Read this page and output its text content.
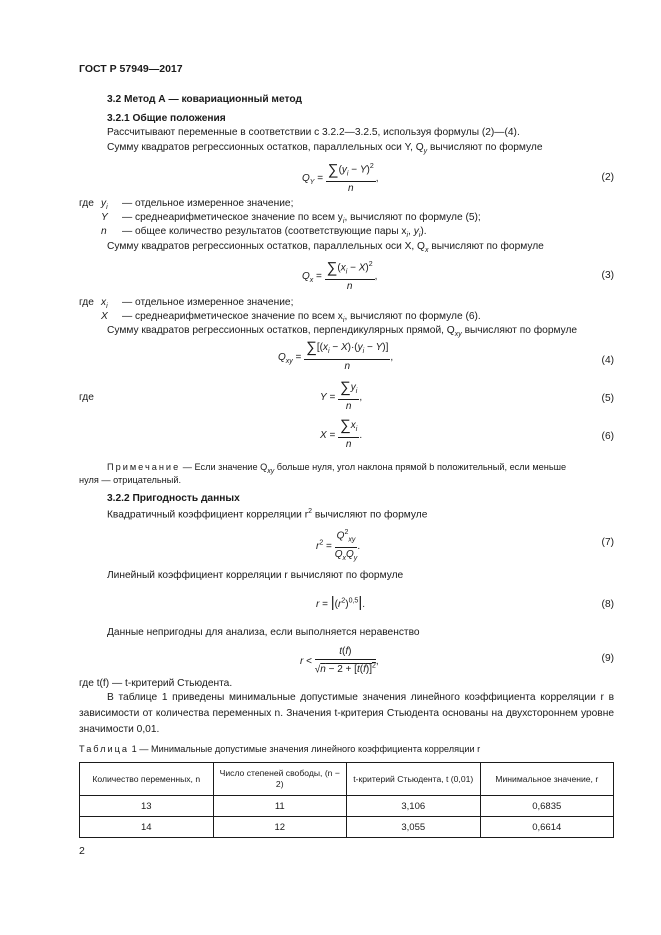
ГОСТ Р 57949—2017
3.2 Метод А — ковариационный метод
3.2.1 Общие положения
Рассчитывают переменные в соответствии с 3.2.2—3.2.5, используя формулы (2)—(4).
Сумму квадратов регрессионных остатков, параллельных оси Y, $Q_y$ вычисляют по формуле
$Q_Y = \frac{\sum(y_i - Y)^2}{n}$ ,	(2)
где $y_i$ — отдельное измеренное значение;
Y — среднеарифметическое значение по всем $y_i$, вычисляют по формуле (5);
n — общее количество результатов (соответствующие пары $x_i$, $y_i$).
Сумму квадратов регрессионных остатков, параллельных оси X, $Q_x$ вычисляют по формуле
$Q_x = \frac{\sum(x_i - X)^2}{n}$ ,	(3)
где $x_i$ — отдельное измеренное значение;
X — среднеарифметическое значение по всем $x_i$, вычисляют по формуле (6).
Сумму квадратов регрессионных остатков, перпендикулярных прямой, $Q_{xy}$ вычисляют по формуле
$Q_{xy} = \frac{\sum[(x_i - X)\cdot(y_i - Y)]}{n}$ ,	(4)
где	$Y = \frac{\sum y_i}{n}$ ,	(5)
$X = \frac{\sum x_i}{n}$ .	(6)
Примечание — Если значение $Q_{xy}$ больше нуля, угол наклона прямой b положительный, если меньше
нуля — отрицательный.
3.2.2 Пригодность данных
Квадратичный коэффициент корреляции $r^2$ вычисляют по формуле
$r^2 = \frac{Q^2_{xy}}{Q_xQ_y}$ .	(7)
Линейный коэффициент корреляции r вычисляют по формуле
$r = |(r^2)^{0,5}|$.	(8)
Данные непригодны для анализа, если выполняется неравенство
$r < \frac{t(f)}{√n - 2 + [t(f)]^2}$ ,	(9)
где t(f) — t-критерий Стьюдента.
В таблице 1 приведены минимальные допустимые значения линейного коэффициента корреляции r в зависимости от количества переменных n. Значения t-критерия Стьюдента основаны на двухстороннем уровне значимости 0,01.
Таблица 1 — Минимальные допустимые значения линейного коэффициента корреляции r
Количество переменных, n	Число степеней свободы, (n − 2)	t-критерий Стьюдента, t (0,01)	Минимальное значение, r
13	11	3,106	0,6835
14	12	3,055	0,6614
2
